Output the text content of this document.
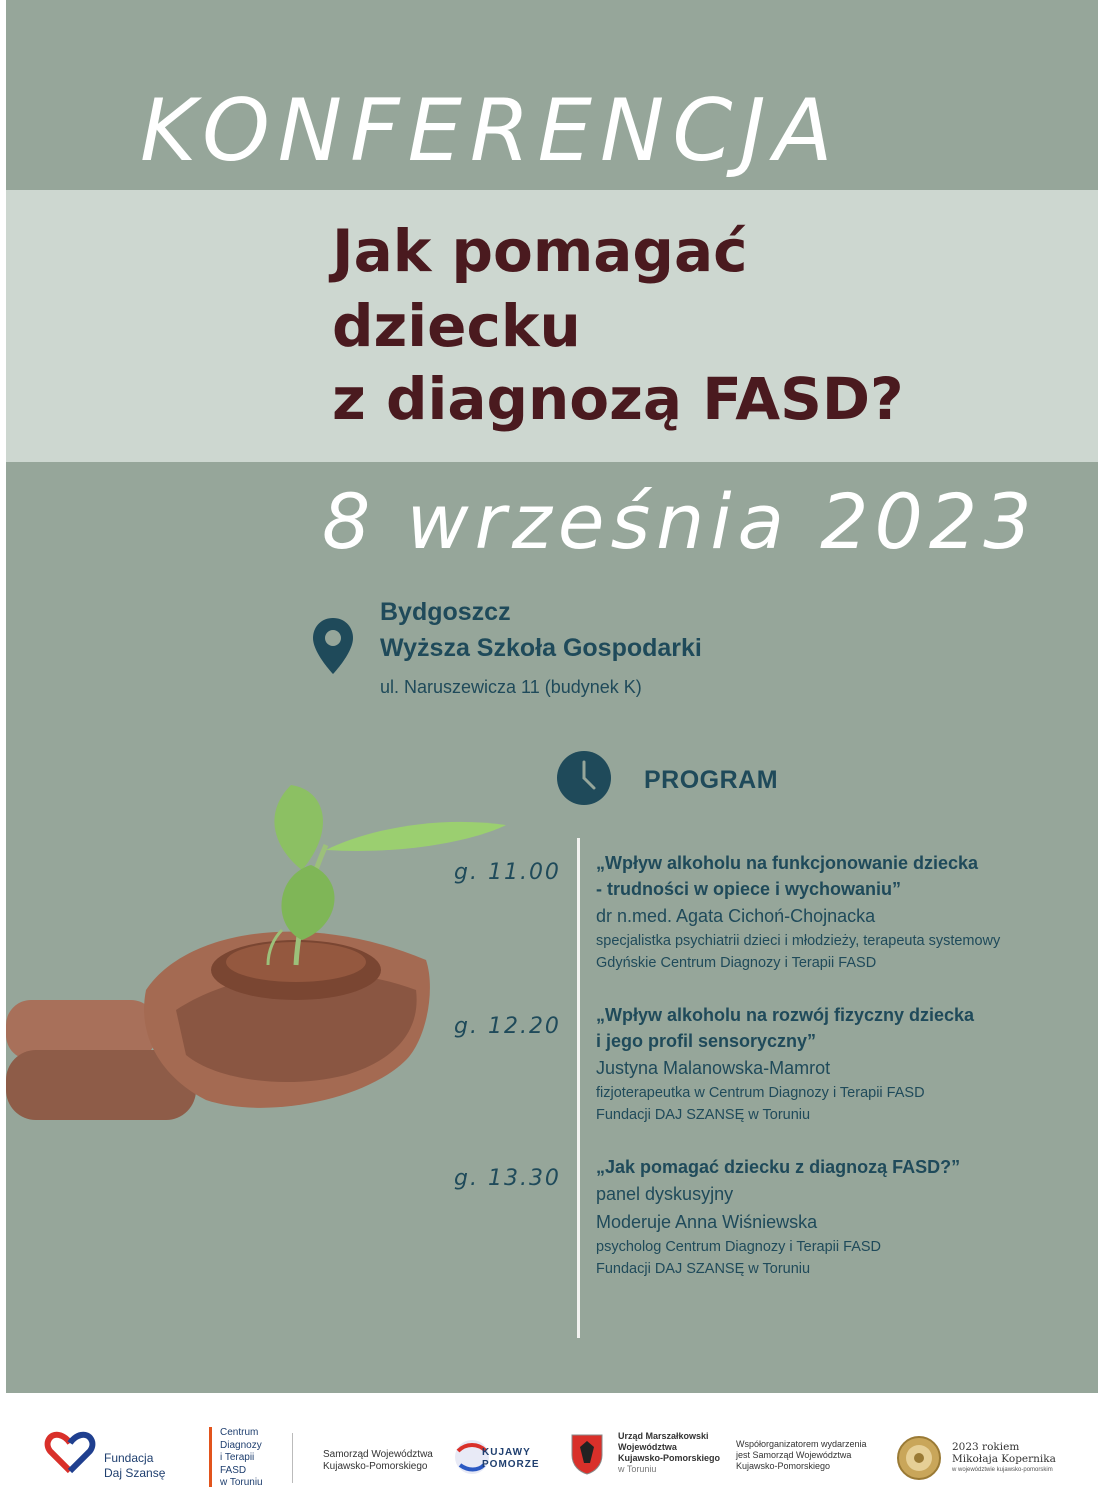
KONFERENCJA
Jak pomagać
dziecku
z diagnozą FASD?
8 września 2023
Bydgoszcz
Wyższa Szkoła Gospodarki
ul. Naruszewicza 11 (budynek K)
PROGRAM
g. 11.00 „Wpływ alkoholu na funkcjonowanie dziecka
- trudności w opiece i wychowaniu”
dr n.med. Agata Cichoń-Chojnacka
specjalistka psychiatrii dzieci i młodzieży, terapeuta systemowy
Gdyńskie Centrum Diagnozy i Terapii FASD
g. 12.20 „Wpływ alkoholu na rozwój fizyczny dziecka
i jego profil sensoryczny”
Justyna Malanowska-Mamrot
fizjoterapeutka w Centrum Diagnozy i Terapii FASD
Fundacji DAJ SZANSĘ w Toruniu
g. 13.30 „Jak pomagać dziecku z diagnozą FASD?”
panel dyskusyjny
Moderuje Anna Wiśniewska
psycholog Centrum Diagnozy i Terapii FASD
Fundacji DAJ SZANSĘ w Toruniu
Fundacja
Daj Szansę
Centrum
Diagnozy
i Terapii
FASD
w Toruniu
Samorząd Województwa
Kujawsko-Pomorskiego
KUJAWY
POMORZE
Urząd Marszałkowski
Województwa
Kujawsko-Pomorskiego
w Toruniu
Współorganizatorem wydarzenia
jest Samorząd Województwa
Kujawsko-Pomorskiego
2023 rokiem
Mikołaja Kopernika
w województwie kujawsko-pomorskim
